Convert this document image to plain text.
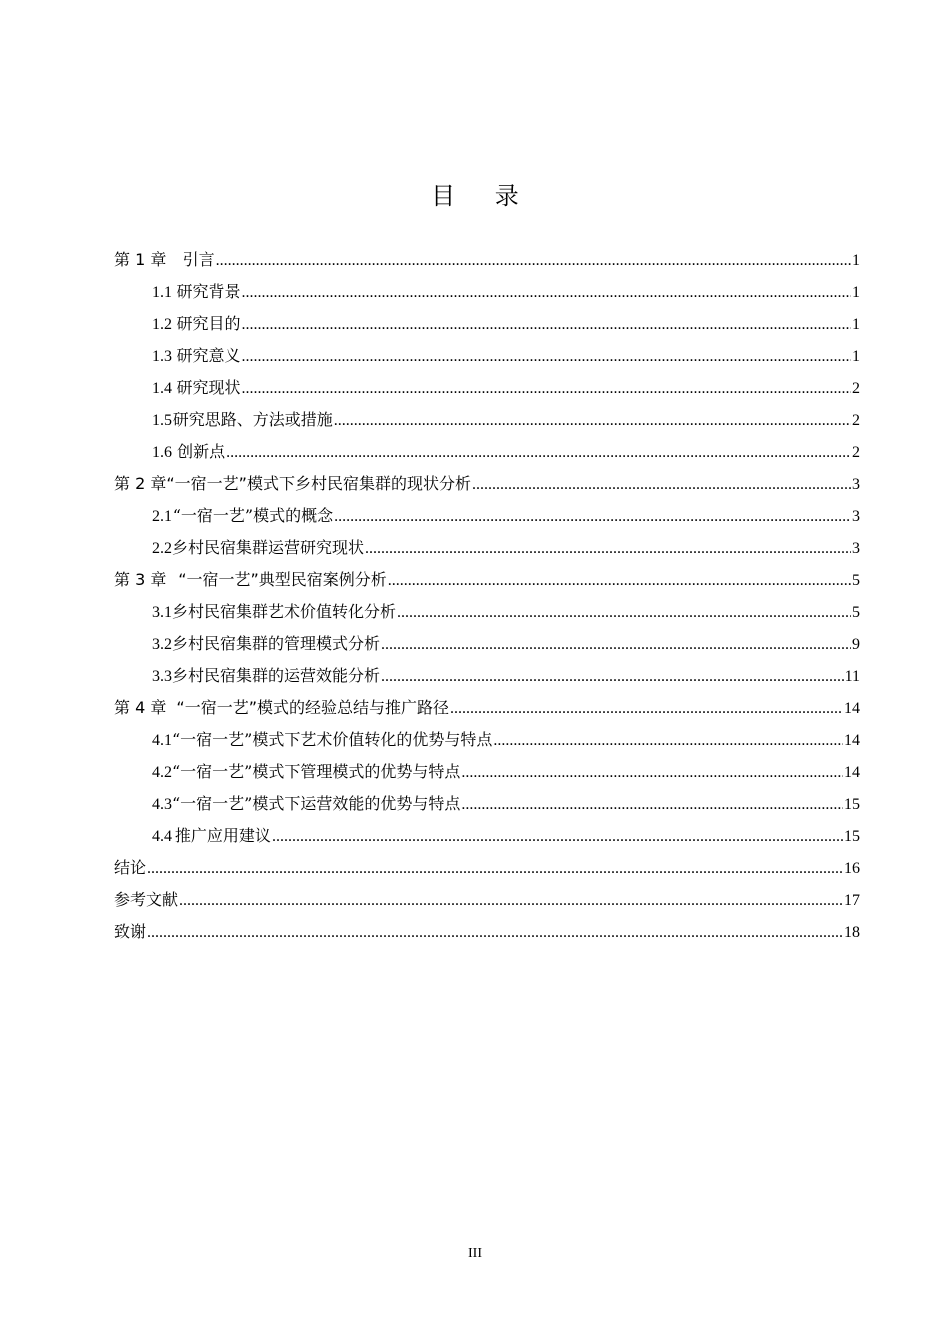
目 录
第 1 章 引言 .....	1
1.1 研究背景 .....	1
1.2 研究目的 .....	1
1.3 研究意义 .....	1
1.4 研究现状 .....	2
1.5 研究思路、方法或措施 .....	2
1.6 创新点 .....	2
第 2 章 “一宿一艺”模式下乡村民宿集群的现状分析 .....	3
2.1 “一宿一艺”模式的概念 .....	3
2.2 乡村民宿集群运营研究现状 .....	3
第 3 章 “一宿一艺”典型民宿案例分析 .....	5
3.1 乡村民宿集群艺术价值转化分析 .....	5
3.2 乡村民宿集群的管理模式分析 .....	9
3.3 乡村民宿集群的运营效能分析 .....	11
第 4 章 “一宿一艺”模式的经验总结与推广路径 .....	14
4.1 “一宿一艺”模式下艺术价值转化的优势与特点 .....	14
4.2 “一宿一艺”模式下管理模式的优势与特点 .....	14
4.3 “一宿一艺”模式下运营效能的优势与特点 .....	15
4.4 推广应用建议 .....	15
结论 .....	16
参考文献 .....	17
致谢 .....	18
III
